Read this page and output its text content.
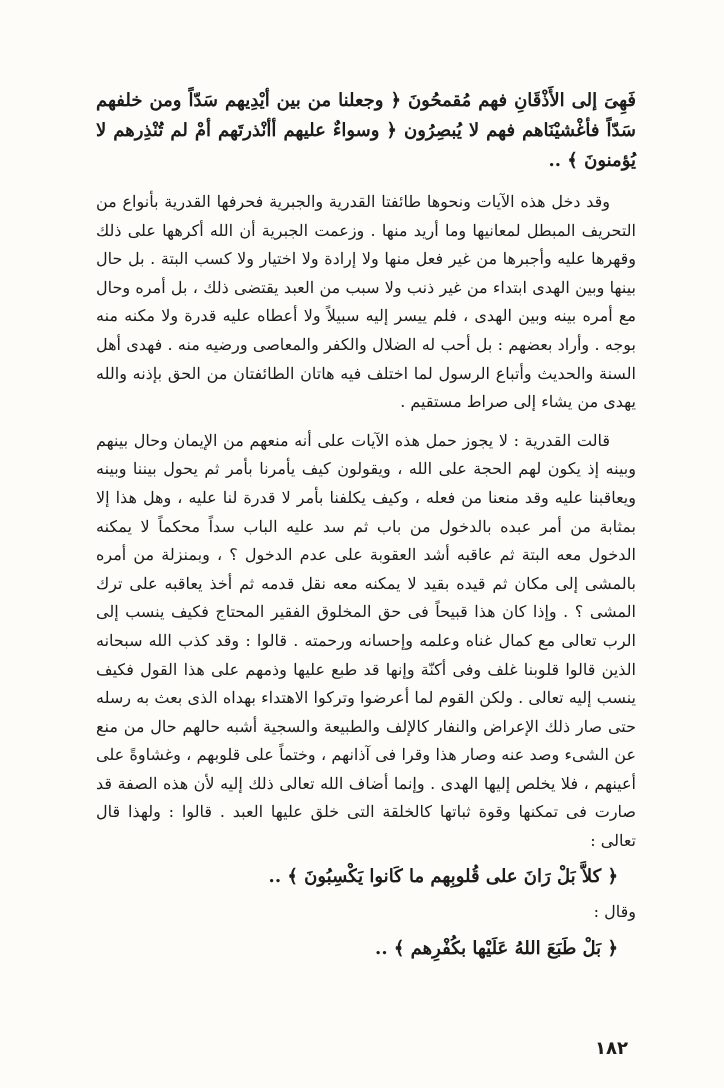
فَهِىَ إلى الأَذْقَانِ فهم مُقمحُونَ ﴿ وجعلنا من بين أيْدِيهم سَدّاً ومن خلفهم سَدّاً فأغْشيْنَاهم فهم لا يُبصِرُون ﴿ وسواءٌ عليهم أأنْذرتَهم أمْ لم تُنْذِرهم لا يُؤمنونَ ﴾ ..

وقد دخل هذه الآيات ونحوها طائفتا القدرية والجبرية فحرفها القدرية بأنواع من التحريف المبطل لمعانيها وما أريد منها . وزعمت الجبرية أن الله أكرهها على ذلك وقهرها عليه وأجبرها من غير فعل منها ولا إرادة ولا اختيار ولا كسب البتة . بل حال بينها وبين الهدى ابتداء من غير ذنب ولا سبب من العبد يقتضى ذلك ، بل أمره وحال مع أمره بينه وبين الهدى ، فلم ييسر إليه سبيلاً ولا أعطاه عليه قدرة ولا مكنه منه بوجه . وأراد بعضهم : بل أحب له الضلال والكفر والمعاصى ورضيه منه . فهدى أهل السنة والحديث وأتباع الرسول لما اختلف فيه هاتان الطائفتان من الحق بإذنه والله يهدى من يشاء إلى صراط مستقيم .

قالت القدرية : لا يجوز حمل هذه الآيات على أنه منعهم من الإيمان وحال بينهم وبينه إذ يكون لهم الحجة على الله ، ويقولون كيف يأمرنا بأمر ثم يحول بيننا وبينه ويعاقبنا عليه وقد منعنا من فعله ، وكيف يكلفنا بأمر لا قدرة لنا عليه ، وهل هذا إلا بمثابة من أمر عبده بالدخول من باب ثم سد عليه الباب سداً محكماً لا يمكنه الدخول معه البتة ثم عاقبه أشد العقوبة على عدم الدخول ؟ ، وبمنزلة من أمره بالمشى إلى مكان ثم قيده بقيد لا يمكنه معه نقل قدمه ثم أخذ يعاقبه على ترك المشى ؟ . وإذا كان هذا قبيحاً فى حق المخلوق الفقير المحتاج فكيف ينسب إلى الرب تعالى مع كمال غناه وعلمه وإحسانه ورحمته . قالوا : وقد كذب الله سبحانه الذين قالوا قلوبنا غلف وفى أكنّة وإنها قد طبع عليها وذمهم على هذا القول فكيف ينسب إليه تعالى . ولكن القوم لما أعرضوا وتركوا الاهتداء بهداه الذى بعث به رسله حتى صار ذلك الإعراض والنفار كالإلف والطبيعة والسجية أشبه حالهم حال من منع عن الشىء وصد عنه وصار هذا وقرا فى آذانهم ، وختماً على قلوبهم ، وغشاوةً على أعينهم ، فلا يخلص إليها الهدى . وإنما أضاف الله تعالى ذلك إليه لأن هذه الصفة قد صارت فى تمكنها وقوة ثباتها كالخلقة التى خلق عليها العبد . قالوا : ولهذا قال تعالى :

﴿ كلاَّ بَلْ رَانَ على قُلوبِهم ما كَانوا يَكْسِبُونَ ﴾ ..

وقال :

﴿ بَلْ طَبَعَ اللهُ عَلَيْها بكُفْرِهم ﴾ ..

١٨٢
